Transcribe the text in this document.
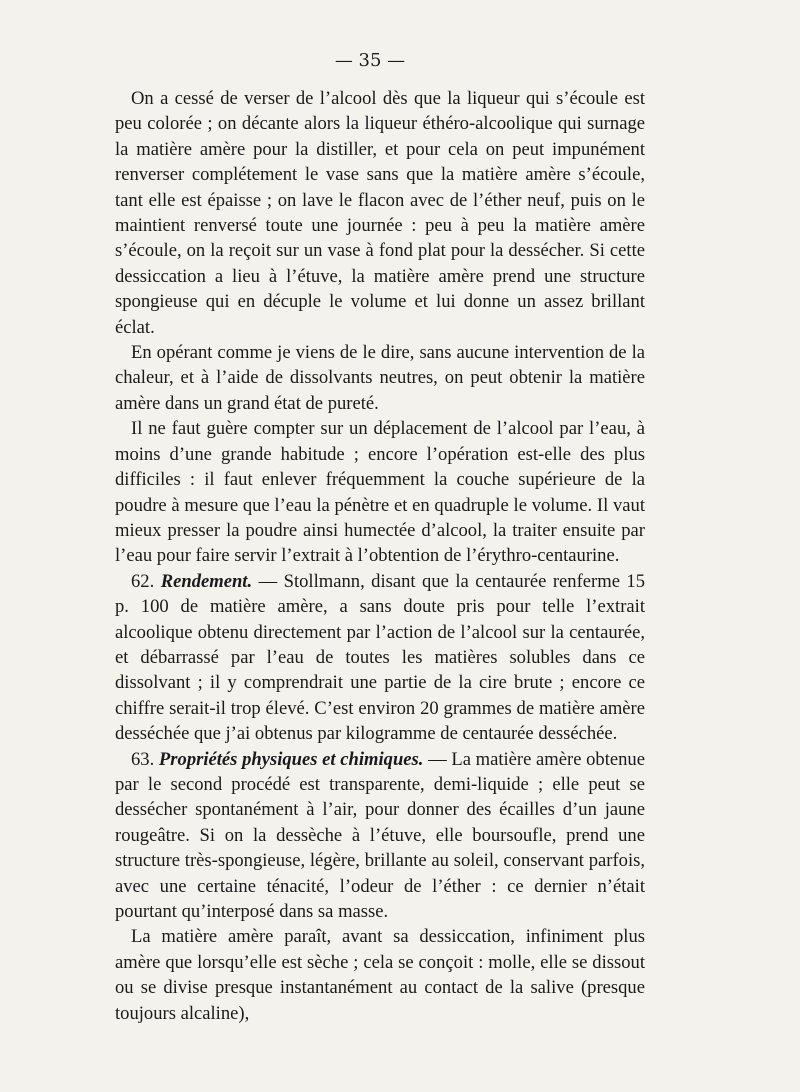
— 35 —

On a cessé de verser de l’alcool dès que la liqueur qui s’écoule est peu colorée ; on décante alors la liqueur éthéro-alcoolique qui surnage la matière amère pour la distiller, et pour cela on peut impunément renverser complétement le vase sans que la matière amère s’écoule, tant elle est épaisse ; on lave le flacon avec de l’éther neuf, puis on le maintient renversé toute une journée : peu à peu la matière amère s’écoule, on la reçoit sur un vase à fond plat pour la dessécher. Si cette dessiccation a lieu à l’étuve, la matière amère prend une structure spongieuse qui en décuple le volume et lui donne un assez brillant éclat.

En opérant comme je viens de le dire, sans aucune intervention de la chaleur, et à l’aide de dissolvants neutres, on peut obtenir la matière amère dans un grand état de pureté.

Il ne faut guère compter sur un déplacement de l’alcool par l’eau, à moins d’une grande habitude ; encore l’opération est-elle des plus difficiles : il faut enlever fréquemment la couche supérieure de la poudre à mesure que l’eau la pénètre et en quadruple le volume. Il vaut mieux presser la poudre ainsi humectée d’alcool, la traiter ensuite par l’eau pour faire servir l’extrait à l’obtention de l’érythro-centaurine.

62. Rendement. — Stollmann, disant que la centaurée renferme 15 p. 100 de matière amère, a sans doute pris pour telle l’extrait alcoolique obtenu directement par l’action de l’alcool sur la centaurée, et débarrassé par l’eau de toutes les matières solubles dans ce dissolvant ; il y comprendrait une partie de la cire brute ; encore ce chiffre serait-il trop élevé. C’est environ 20 grammes de matière amère desséchée que j’ai obtenus par kilogramme de centaurée desséchée.

63. Propriétés physiques et chimiques. — La matière amère obtenue par le second procédé est transparente, demi-liquide ; elle peut se dessécher spontanément à l’air, pour donner des écailles d’un jaune rougeâtre. Si on la dessèche à l’étuve, elle boursoufle, prend une structure très-spongieuse, légère, brillante au soleil, conservant parfois, avec une certaine ténacité, l’odeur de l’éther : ce dernier n’était pourtant qu’interposé dans sa masse.

La matière amère paraît, avant sa dessiccation, infiniment plus amère que lorsqu’elle est sèche ; cela se conçoit : molle, elle se dissout ou se divise presque instantanément au contact de la salive (presque toujours alcaline),
